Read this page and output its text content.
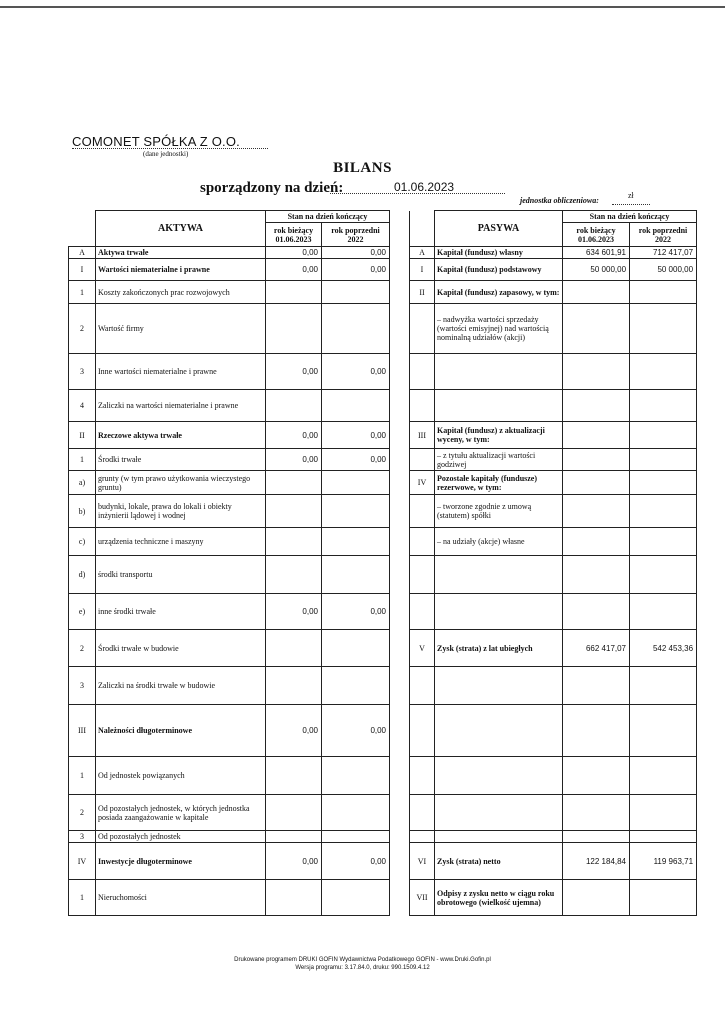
COMONET SPÓŁKA Z O.O.
(dane jednostki)
BILANS
sporządzony na dzień:	01.06.2023
jednostka obliczeniowa:
zł
	AKTYWA	Stan na dzień kończący				PASYWA	Stan na dzień kończący	
		rok bieżący 01.06.2023	rok poprzedni 2022				rok bieżący 01.06.2023	rok poprzedni 2022
A	Aktywa trwałe	0,00	0,00		A	Kapitał (fundusz) własny	634 601,91	712 417,07
I	Wartości niematerialne i prawne	0,00	0,00		I	Kapitał (fundusz) podstawowy	50 000,00	50 000,00
1	Koszty zakończonych prac rozwojowych				II	Kapitał (fundusz) zapasowy, w tym:		
2	Wartość firmy					– nadwyżka wartości sprzedaży (wartości emisyjnej) nad wartością nominalną udziałów (akcji)		
3	Inne wartości niematerialne i prawne	0,00	0,00					
4	Zaliczki na wartości niematerialne i prawne							
II	Rzeczowe aktywa trwałe	0,00	0,00		III	Kapitał (fundusz) z aktualizacji wyceny, w tym:		
1	Środki trwałe	0,00	0,00			– z tytułu aktualizacji wartości godziwej		
a)	grunty (w tym prawo użytkowania wieczystego gruntu)				IV	Pozostałe kapitały (fundusze) rezerwowe, w tym:		
b)	budynki, lokale, prawa do lokali i obiekty inżynierii lądowej i wodnej					– tworzone zgodnie z umową (statutem) spółki		
c)	urządzenia techniczne i maszyny					– na udziały (akcje) własne		
d)	środki transportu							
e)	inne środki trwałe	0,00	0,00					
2	Środki trwałe w budowie				V	Zysk (strata) z lat ubiegłych	662 417,07	542 453,36
3	Zaliczki na środki trwałe w budowie							
III	Należności długoterminowe	0,00	0,00					
1	Od jednostek powiązanych							
2	Od pozostałych jednostek, w których jednostka posiada zaangażowanie w kapitale							
3	Od pozostałych jednostek							
IV	Inwestycje długoterminowe	0,00	0,00		VI	Zysk (strata) netto	122 184,84	119 963,71
1	Nieruchomości				VII	Odpisy z zysku netto w ciągu roku obrotowego (wielkość ujemna)		
Drukowane programem DRUKI GOFIN Wydawnictwa Podatkowego GOFIN - www.Druki.Gofin.pl
Wersja programu: 3.17.84.0, druku: 990.1509.4.12
